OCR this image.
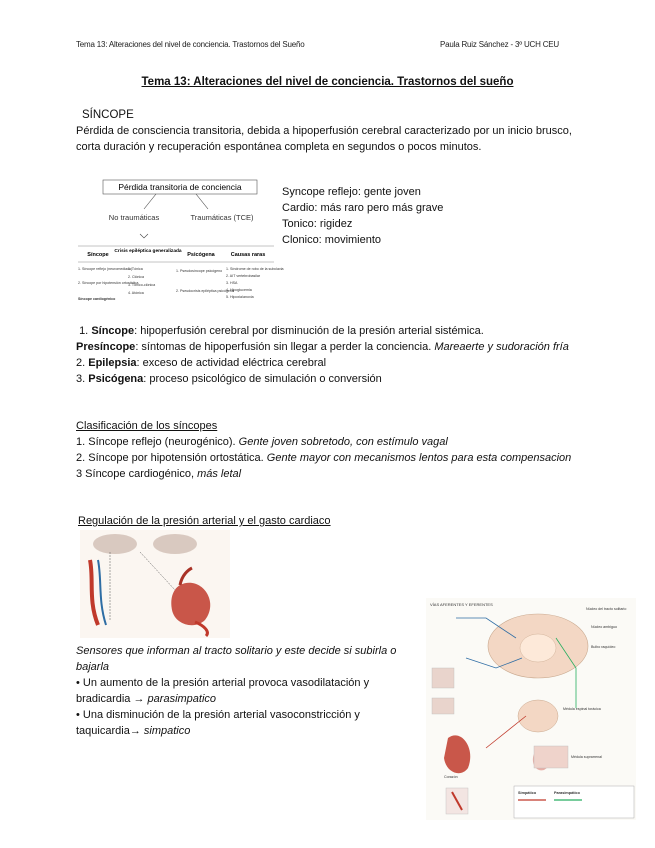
Tema 13: Alteraciones del nivel de conciencia. Trastornos del Sueño	Paula Ruiz Sánchez - 3º UCH CEU
Tema 13: Alteraciones del nivel de conciencia. Trastornos del sueño
SÍNCOPE
Pérdida de consciencia transitoria, debida a hipoperfusión cerebral caracterizado por un inicio brusco, corta duración y recuperación espontánea completa en segundos o pocos minutos.
Pérdida transitoria de conciencia
No traumáticas	Traumáticas (TCE)
Síncope
Crisis epiléptica generalizada
Psicógena	Causas raras
1. Síncope reflejo (neuromediado)
2. Síncope por hipotensión ortostática
Síncope cardiogénico
1. Tónica
2. Clónica
3. Tónico-clónica
4. Atónica
1. Pseudosíncope psicógeno
2. Pseudocrisis epiléptica psicógena
1. Síndrome de robo de la subclavia
2. AIT vertebrobasilar
3. HSA
4. Hipoglucemia
5. Hipoxia/anoxia
Syncope reflejo: gente joven
Cardio: más raro pero más grave
Tonico: rigidez
Clonico: movimiento
1. Síncope: hipoperfusión cerebral por disminución de la presión arterial sistémica.
Presíncope: síntomas de hipoperfusión sin llegar a perder la conciencia. Mareaerte y sudoración fría
2. Epilepsia: exceso de actividad eléctrica cerebral
3. Psicógena: proceso psicológico de simulación o conversión
Clasificación de los síncopes
1. Síncope reflejo (neurogénico). Gente joven sobretodo, con estímulo vagal
2. Síncope por hipotensión ortostática. Gente mayor con mecanismos lentos para esta compensacion
3 Síncope cardiogénico, más letal
Regulación de la presión arterial y el gasto cardiaco
Sensores que informan al tracto solitario y este decide si subirla o bajarla
• Un aumento de la presión arterial provoca vasodilatación y bradicardia → parasimpatico
• Una disminución de la presión arterial vasoconstricción y taquicardia→ simpatico
VÍAS AFERENTES Y EFERENTES
Núcleo del tracto solitario
Núcleo ambiguo
Bulbo raquídeo
Médula espinal torácica
Corazón
Médula suprarrenal
Simpático	Parasimpático
